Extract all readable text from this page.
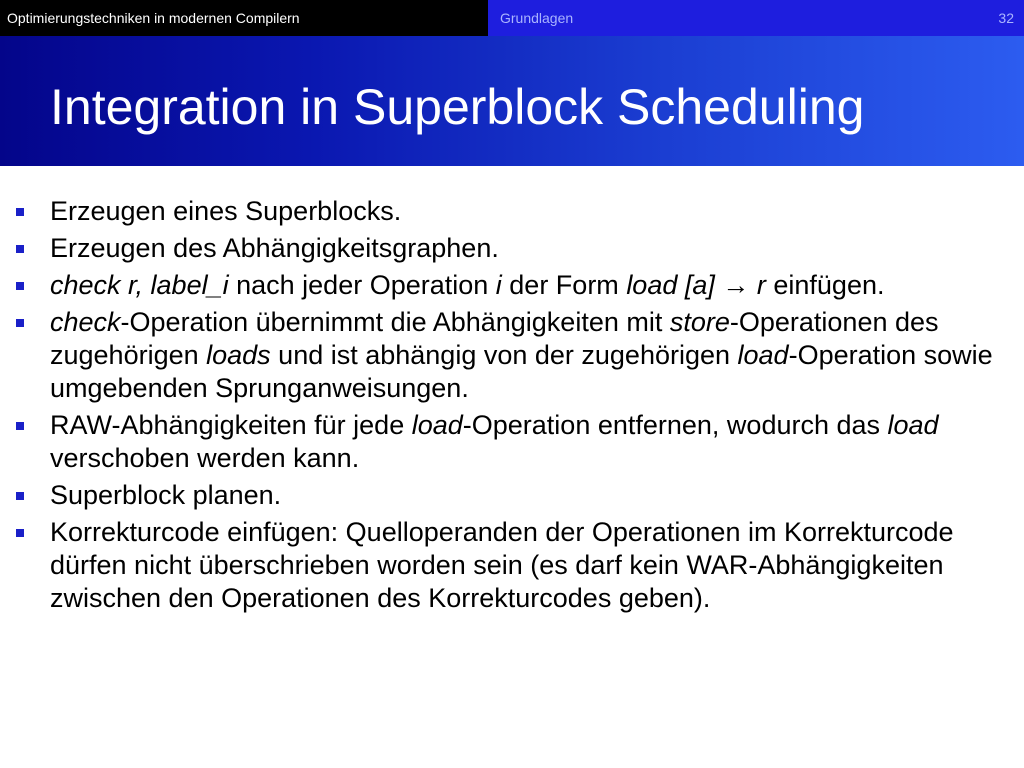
Optimierungstechniken in modernen Compilern	Grundlagen	32
Integration in Superblock Scheduling
Erzeugen eines Superblocks.
Erzeugen des Abhängigkeitsgraphen.
check r, label_i nach jeder Operation i der Form load [a] → r einfügen.
check-Operation übernimmt die Abhängigkeiten mit store-Operationen des zugehörigen loads und ist abhängig von der zugehörigen load-Operation sowie umgebenden Sprunganweisungen.
RAW-Abhängigkeiten für jede load-Operation entfernen, wodurch das load verschoben werden kann.
Superblock planen.
Korrekturcode einfügen: Quelloperanden der Operationen im Korrekturcode dürfen nicht überschrieben worden sein (es darf kein WAR-Abhängigkeiten zwischen den Operationen des Korrekturcodes geben).
